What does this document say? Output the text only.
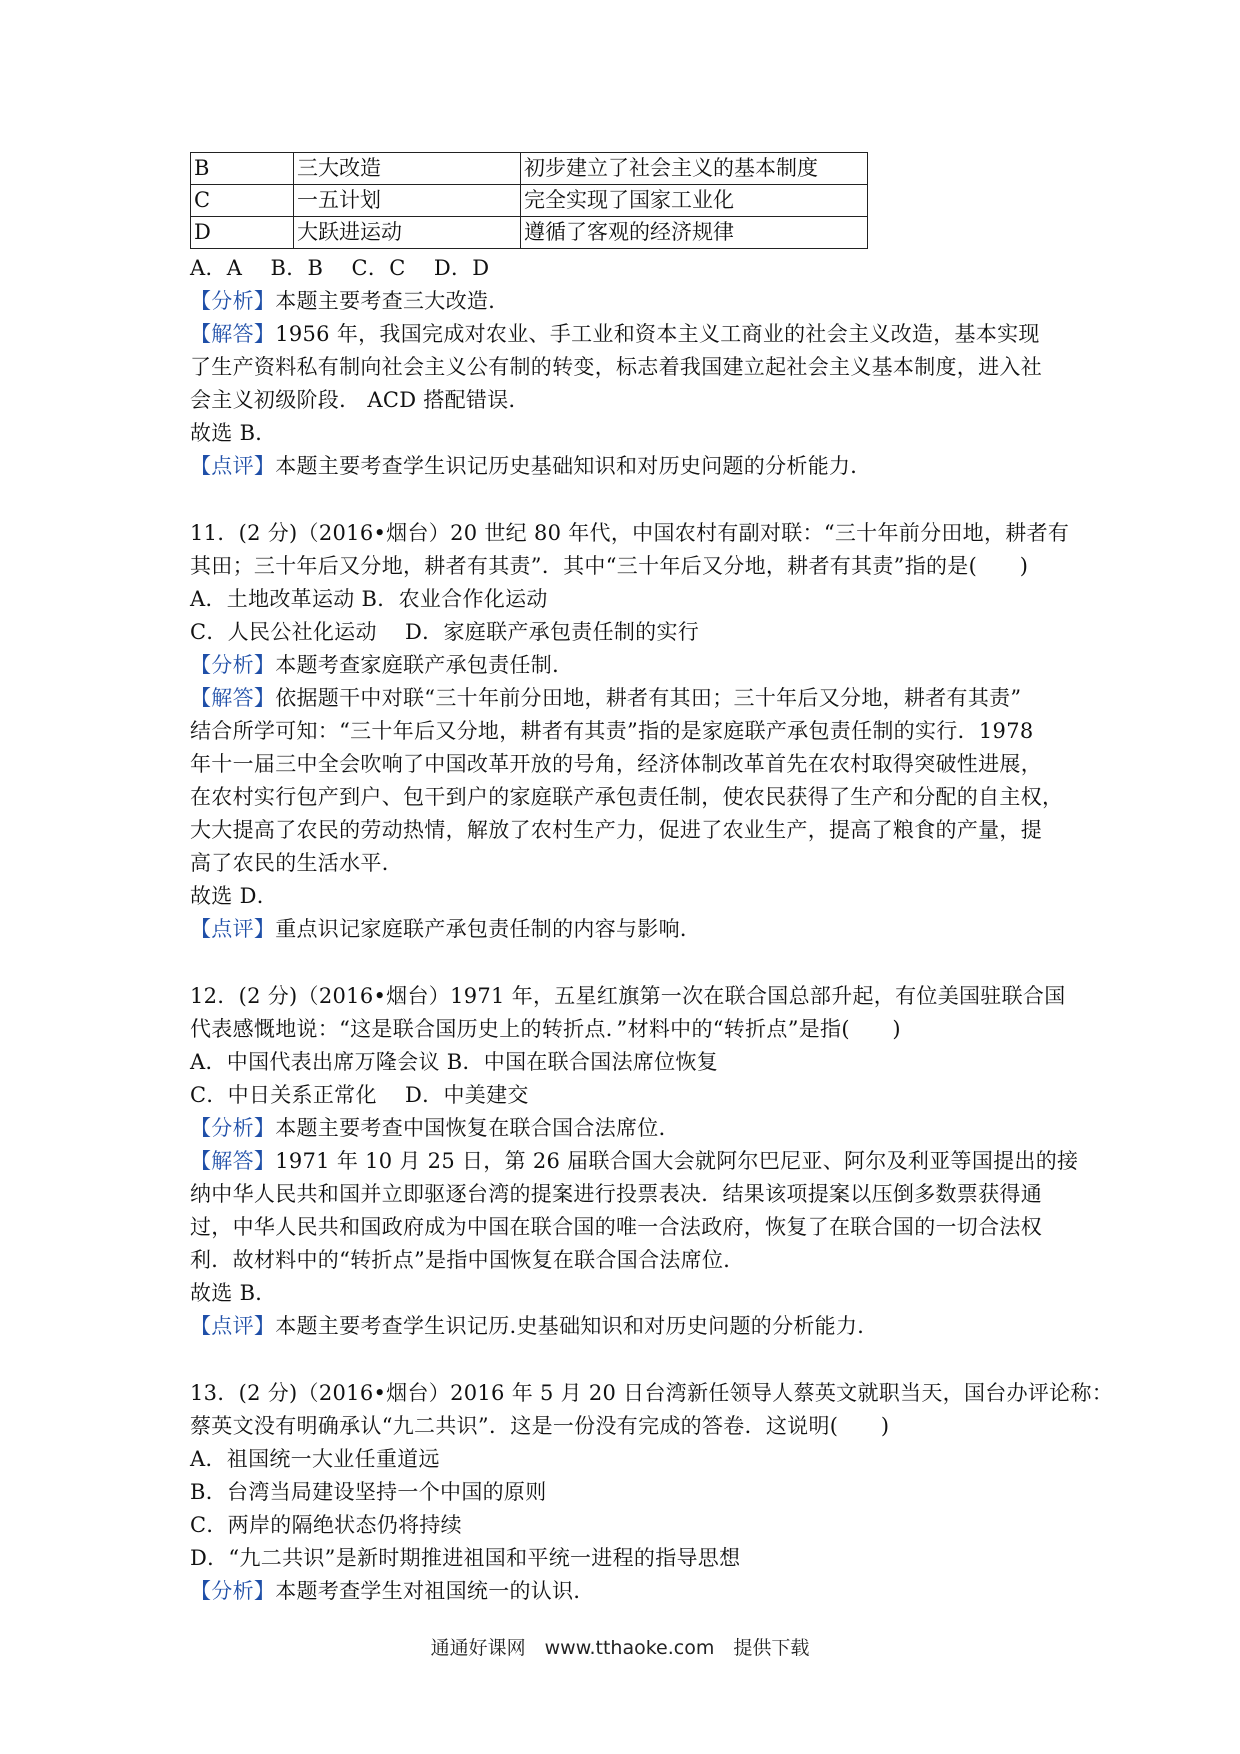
B	三大改造	初步建立了社会主义的基本制度
C	一五计划	完全实现了国家工业化
D	大跃进运动	遵循了客观的经济规律
A．A　 B．B　 C．C　 D．D
【分析】本题主要考查三大改造．
【解答】1956 年，我国完成对农业、手工业和资本主义工商业的社会主义改造，基本实现
了生产资料私有制向社会主义公有制的转变，标志着我国建立起社会主义基本制度，进入社
会主义初级阶段． ACD 搭配错误．
故选 B．
【点评】本题主要考查学生识记历史基础知识和对历史问题的分析能力．
11．(2 分)（2016•烟台）20 世纪 80 年代，中国农村有副对联：“三十年前分田地，耕者有
其田；三十年后又分地，耕者有其责”．其中“三十年后又分地，耕者有其责”指的是(　　)
A．土地改革运动 B．农业合作化运动
C．人民公社化运动　 D．家庭联产承包责任制的实行
【分析】本题考查家庭联产承包责任制．
【解答】依据题干中对联“三十年前分田地，耕者有其田；三十年后又分地，耕者有其责”
结合所学可知：“三十年后又分地，耕者有其责”指的是家庭联产承包责任制的实行．1978
年十一届三中全会吹响了中国改革开放的号角，经济体制改革首先在农村取得突破性进展，
在农村实行包产到户、包干到户的家庭联产承包责任制，使农民获得了生产和分配的自主权，
大大提高了农民的劳动热情，解放了农村生产力，促进了农业生产，提高了粮食的产量，提
高了农民的生活水平．
故选 D．
【点评】重点识记家庭联产承包责任制的内容与影响．
12．(2 分)（2016•烟台）1971 年，五星红旗第一次在联合国总部升起，有位美国驻联合国
代表感慨地说：“这是联合国历史上的转折点．”材料中的“转折点”是指(　　)
A．中国代表出席万隆会议 B．中国在联合国法席位恢复
C．中日关系正常化　 D．中美建交
【分析】本题主要考查中国恢复在联合国合法席位．
【解答】1971 年 10 月 25 日，第 26 届联合国大会就阿尔巴尼亚、阿尔及利亚等国提出的接
纳中华人民共和国并立即驱逐台湾的提案进行投票表决．结果该项提案以压倒多数票获得通
过，中华人民共和国政府成为中国在联合国的唯一合法政府，恢复了在联合国的一切合法权
利．故材料中的“转折点”是指中国恢复在联合国合法席位．
故选 B．
【点评】本题主要考查学生识记历.史基础知识和对历史问题的分析能力．
13．(2 分)（2016•烟台）2016 年 5 月 20 日台湾新任领导人蔡英文就职当天，国台办评论称：
蔡英文没有明确承认“九二共识”．这是一份没有完成的答卷．这说明(　　)
A．祖国统一大业任重道远
B．台湾当局建设坚持一个中国的原则
C．两岸的隔绝状态仍将持续
D．“九二共识”是新时期推进祖国和平统一进程的指导思想
【分析】本题考查学生对祖国统一的认识．
通通好课网　www.tthaoke.com　提供下载
